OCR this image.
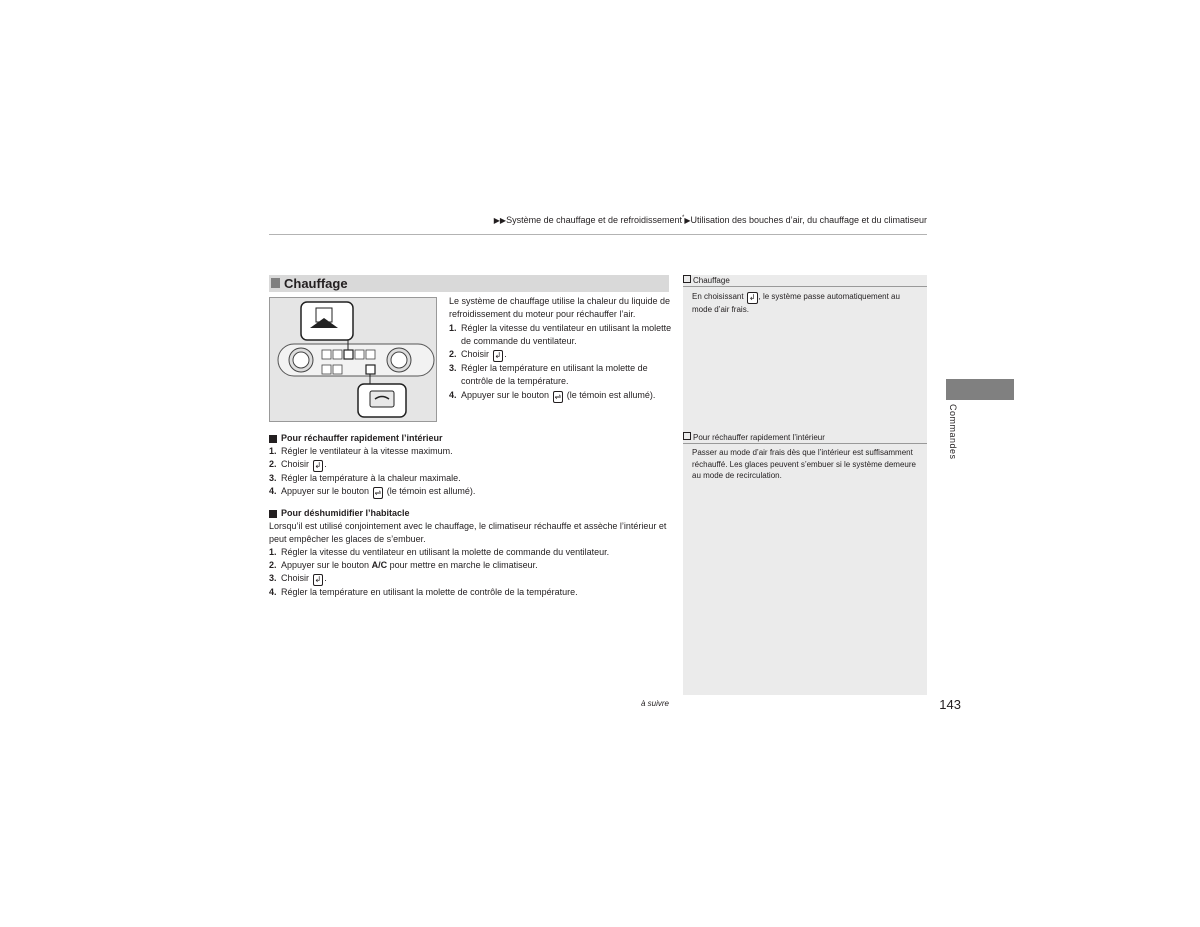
▶▶Système de chauffage et de refroidissement*▶Utilisation des bouches d’air, du chauffage et du climatiseur
Chauffage

Le système de chauffage utilise la chaleur du liquide de refroidissement du moteur pour réchauffer l’air.

1. Régler la vitesse du ventilateur en utilisant la molette de commande du ventilateur.
2. Choisir ↲ .
3. Régler la température en utilisant la molette de contrôle de la température.
4. Appuyer sur le bouton ⇌ (le témoin est allumé).
Pour réchauffer rapidement l’intérieur
1. Régler le ventilateur à la vitesse maximum.
2. Choisir ↲ .
3. Régler la température à la chaleur maximale.
4. Appuyer sur le bouton ⇌ (le témoin est allumé).
Pour déshumidifier l’habitacle

Lorsqu’il est utilisé conjointement avec le chauffage, le climatiseur réchauffe et assèche l’intérieur et peut empêcher les glaces de s’embuer.

1. Régler la vitesse du ventilateur en utilisant la molette de commande du ventilateur.
2. Appuyer sur le bouton A/C pour mettre en marche le climatiseur.
3. Choisir ↲ .
4. Régler la température en utilisant la molette de contrôle de la température.
Chauffage
En choisissant ↲ , le système passe automatiquement au mode d’air frais.
Pour réchauffer rapidement l’intérieur
Passer au mode d’air frais dès que l’intérieur est suffisamment réchauffé. Les glaces peuvent s’embuer si le système demeure au mode de recirculation.
Commandes
à suivre	143
